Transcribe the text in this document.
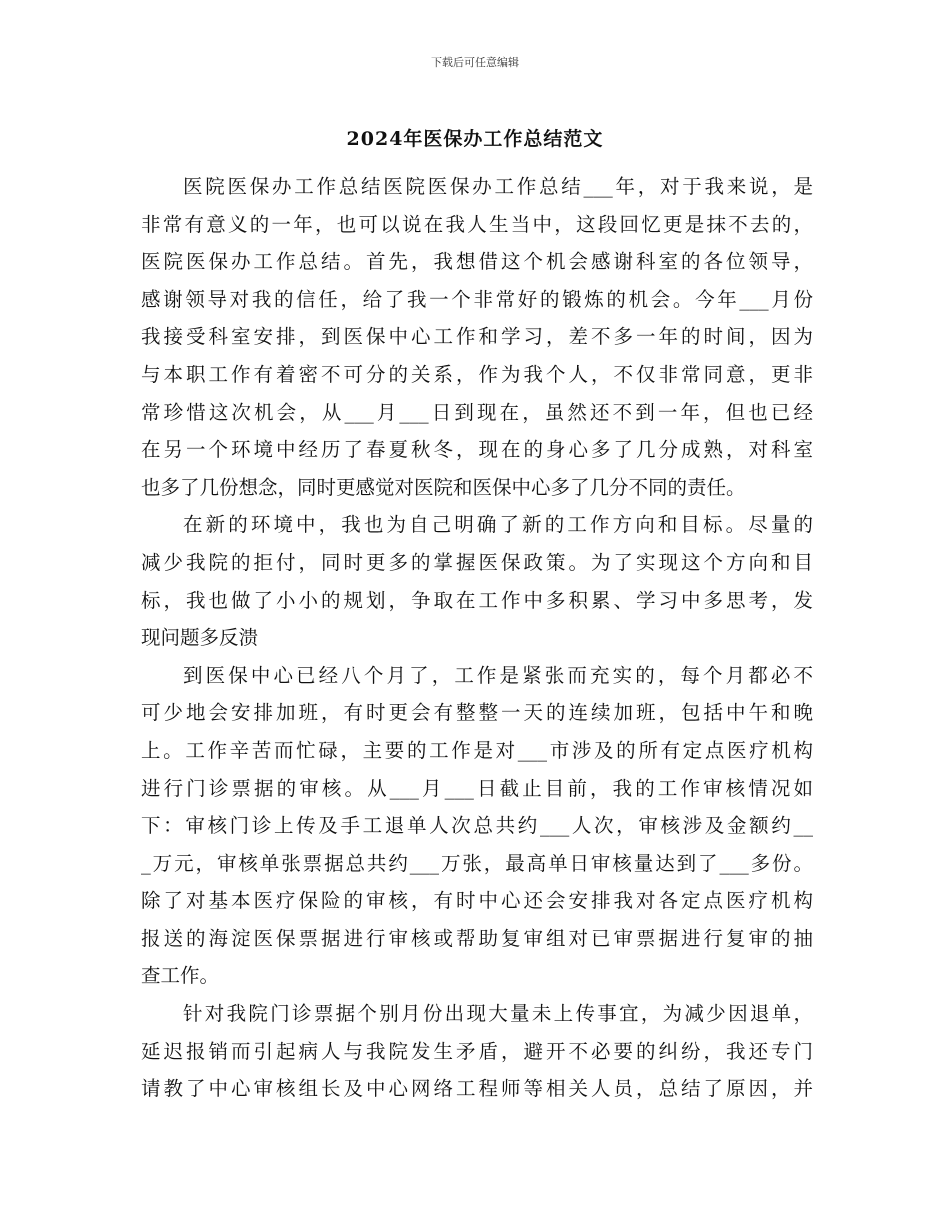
下载后可任意编辑
2024年医保办工作总结范文
医院医保办工作总结医院医保办工作总结___年，对于我来说，是
非常有意义的一年，也可以说在我人生当中，这段回忆更是抹不去的，
医院医保办工作总结。首先，我想借这个机会感谢科室的各位领导，
感谢领导对我的信任，给了我一个非常好的锻炼的机会。今年___月份
我接受科室安排，到医保中心工作和学习，差不多一年的时间，因为
与本职工作有着密不可分的关系，作为我个人，不仅非常同意，更非
常珍惜这次机会，从___月___日到现在，虽然还不到一年，但也已经
在另一个环境中经历了春夏秋冬，现在的身心多了几分成熟，对科室
也多了几份想念，同时更感觉对医院和医保中心多了几分不同的责任。
在新的环境中，我也为自己明确了新的工作方向和目标。尽量的
减少我院的拒付，同时更多的掌握医保政策。为了实现这个方向和目
标，我也做了小小的规划，争取在工作中多积累、学习中多思考，发
现问题多反溃
到医保中心已经八个月了，工作是紧张而充实的，每个月都必不
可少地会安排加班，有时更会有整整一天的连续加班，包括中午和晚
上。工作辛苦而忙碌，主要的工作是对___市涉及的所有定点医疗机构
进行门诊票据的审核。从___月___日截止目前，我的工作审核情况如
下：审核门诊上传及手工退单人次总共约___人次，审核涉及金额约__
_万元，审核单张票据总共约___万张，最高单日审核量达到了___多份。
除了对基本医疗保险的审核，有时中心还会安排我对各定点医疗机构
报送的海淀医保票据进行审核或帮助复审组对已审票据进行复审的抽
查工作。
针对我院门诊票据个别月份出现大量未上传事宜，为减少因退单，
延迟报销而引起病人与我院发生矛盾，避开不必要的纠纷，我还专门
请教了中心审核组长及中心网络工程师等相关人员，总结了原因，并
